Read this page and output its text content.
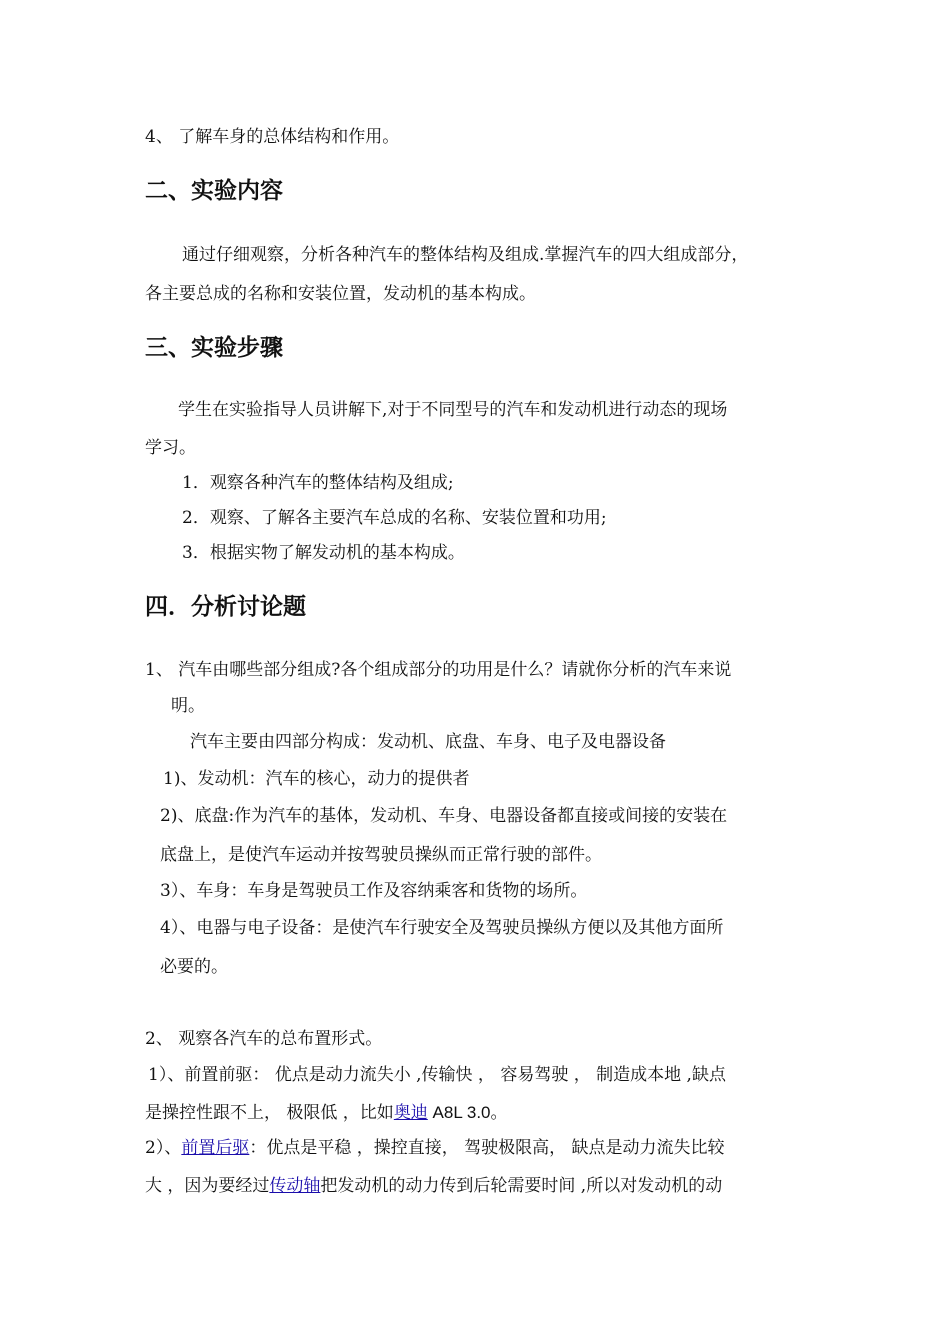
4、 了解车身的总体结构和作用。
二、实验内容
通过仔细观察，分析各种汽车的整体结构及组成.掌握汽车的四大组成部分，
各主要总成的名称和安装位置，发动机的基本构成。
三、实验步骤
学生在实验指导人员讲解下,对于不同型号的汽车和发动机进行动态的现场
学习。
1．观察各种汽车的整体结构及组成;
2．观察、了解各主要汽车总成的名称、安装位置和功用;
3．根据实物了解发动机的基本构成。
四．分析讨论题
1、 汽车由哪些部分组成?各个组成部分的功用是什么？请就你分析的汽车来说
明。
汽车主要由四部分构成：发动机、底盘、车身、电子及电器设备
1)、发动机：汽车的核心，动力的提供者
2)、底盘:作为汽车的基体，发动机、车身、电器设备都直接或间接的安装在
底盘上，是使汽车运动并按驾驶员操纵而正常行驶的部件。
3）、车身：车身是驾驶员工作及容纳乘客和货物的场所。
4）、电器与电子设备：是使汽车行驶安全及驾驶员操纵方便以及其他方面所
必要的。
2、 观察各汽车的总布置形式。
1）、前置前驱： 优点是动力流失小 ,传输快 ， 容易驾驶 ， 制造成本地 ,缺点
是操控性跟不上， 极限低 ，比如奥迪 A8L 3.0。
2）、前置后驱：优点是平稳 ，操控直接， 驾驶极限高， 缺点是动力流失比较
大 ，因为要经过传动轴把发动机的动力传到后轮需要时间 ,所以对发动机的动
